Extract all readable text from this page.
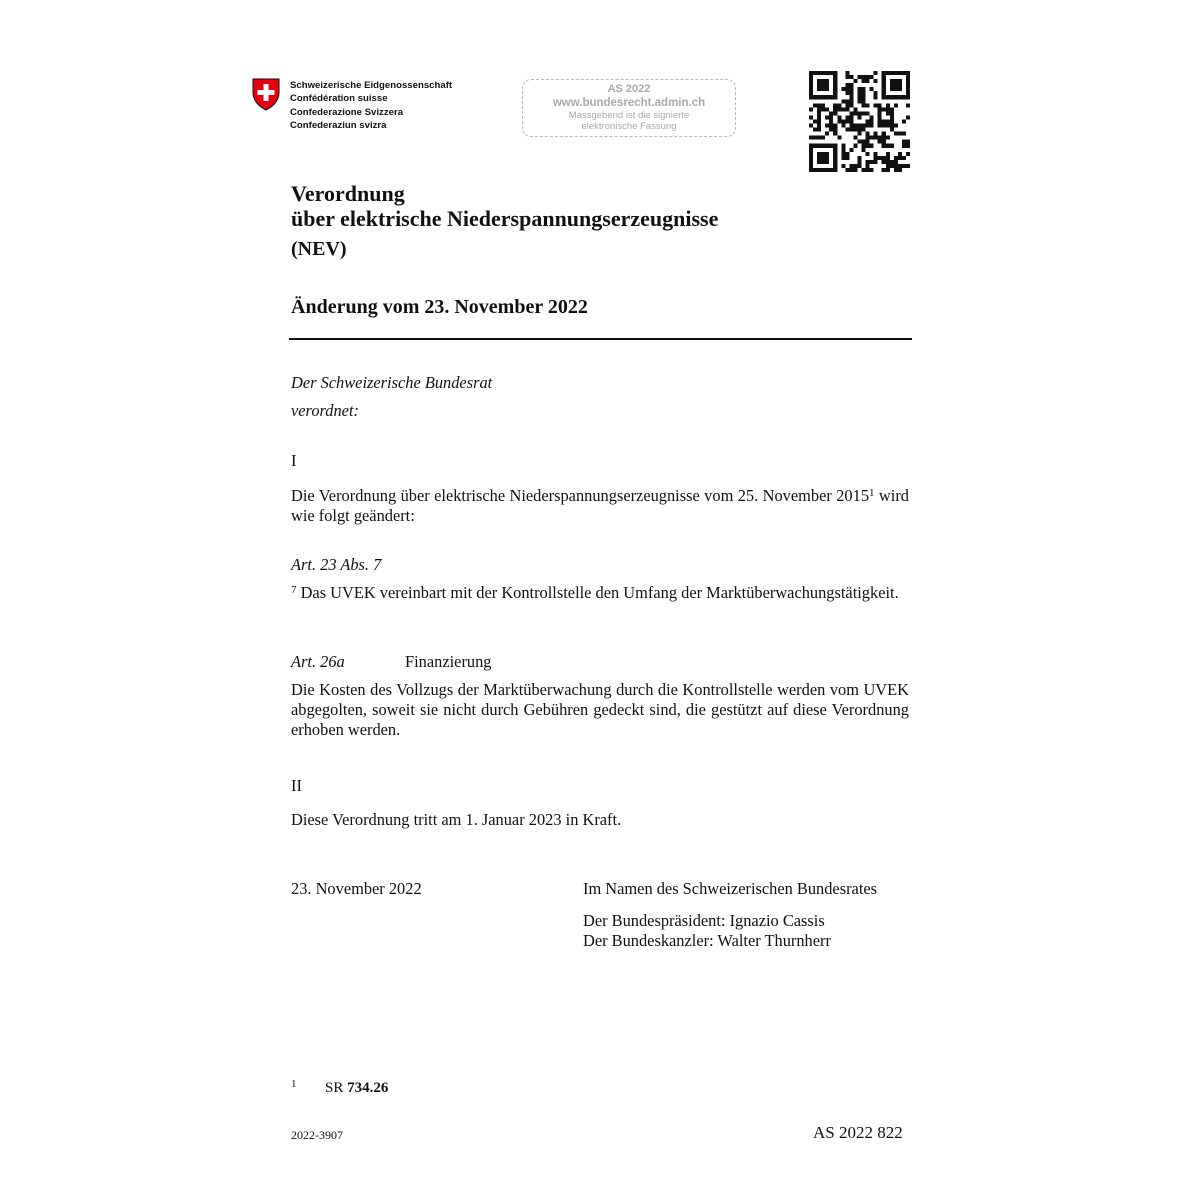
Schweizerische Eidgenossenschaft
Confédération suisse
Confederazione Svizzera
Confederaziun svizra
AS 2022
www.bundesrecht.admin.ch
Massgebend ist die signierte
elektronische Fassung
Verordnung
über elektrische Niederspannungserzeugnisse
(NEV)
Änderung vom 23. November 2022
Der Schweizerische Bundesrat
verordnet:
I
Die Verordnung über elektrische Niederspannungserzeugnisse vom 25. November 2015$^1$ wird wie folgt geändert:
Art. 23 Abs. 7
$^7$ Das UVEK vereinbart mit der Kontrollstelle den Umfang der Marktüberwachungstätigkeit.
Art. 26a	Finanzierung
Die Kosten des Vollzugs der Marktüberwachung durch die Kontrollstelle werden vom UVEK abgegolten, soweit sie nicht durch Gebühren gedeckt sind, die gestützt auf diese Verordnung erhoben werden.
II
Diese Verordnung tritt am 1. Januar 2023 in Kraft.
23. November 2022	Im Namen des Schweizerischen Bundesrates
Der Bundespräsident: Ignazio Cassis
Der Bundeskanzler: Walter Thurnherr
1 SR 734.26
2022-3907	AS 2022 822
